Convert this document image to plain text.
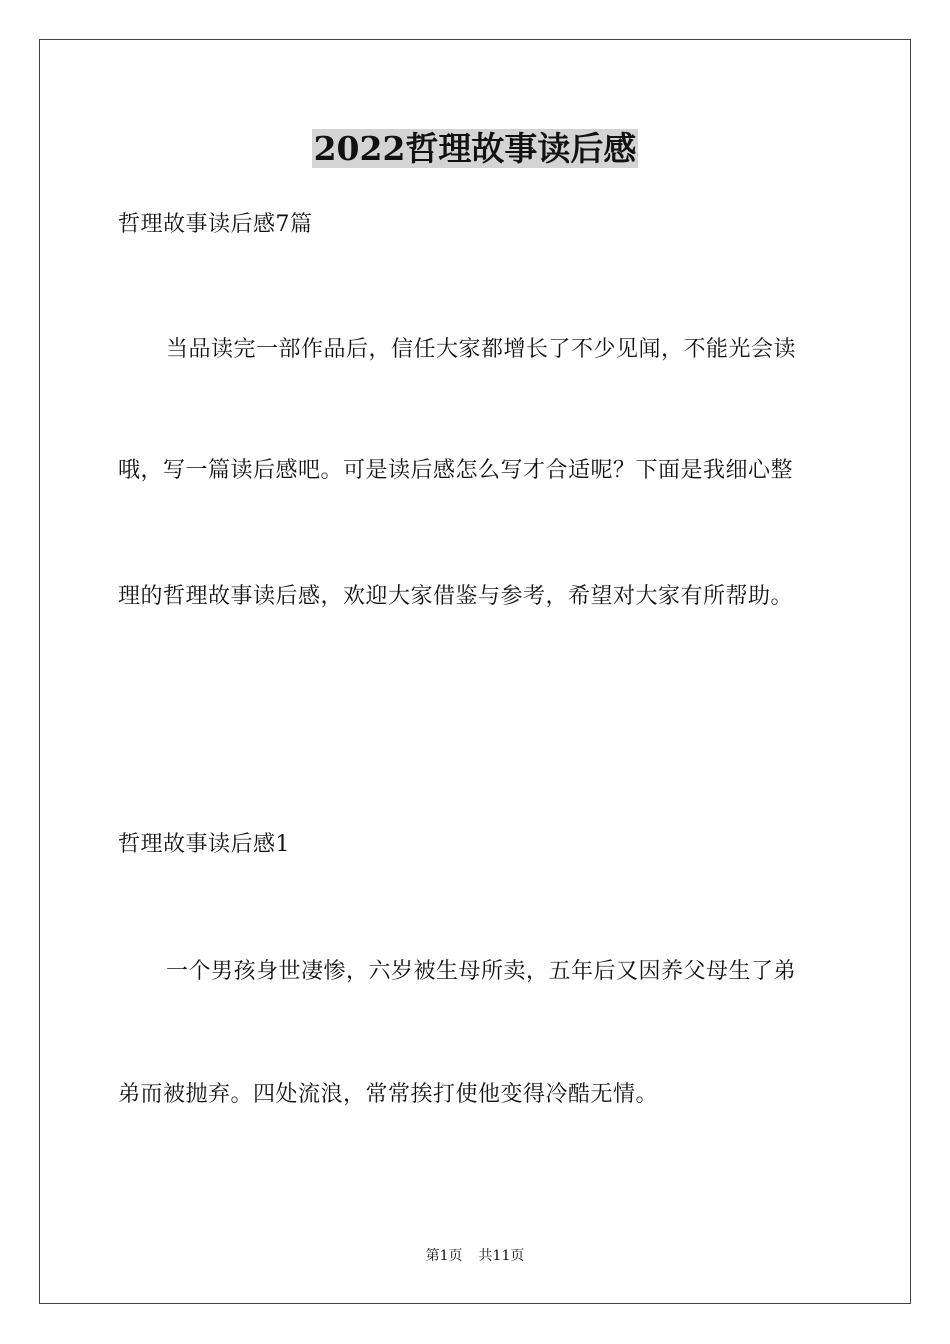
2022哲理故事读后感
哲理故事读后感7篇
当品读完一部作品后，信任大家都增长了不少见闻，不能光会读
哦，写一篇读后感吧。可是读后感怎么写才合适呢？下面是我细心整
理的哲理故事读后感，欢迎大家借鉴与参考，希望对大家有所帮助。
哲理故事读后感1
一个男孩身世凄惨，六岁被生母所卖，五年后又因养父母生了弟
弟而被抛弃。四处流浪，常常挨打使他变得冷酷无情。
第1页 共11页
